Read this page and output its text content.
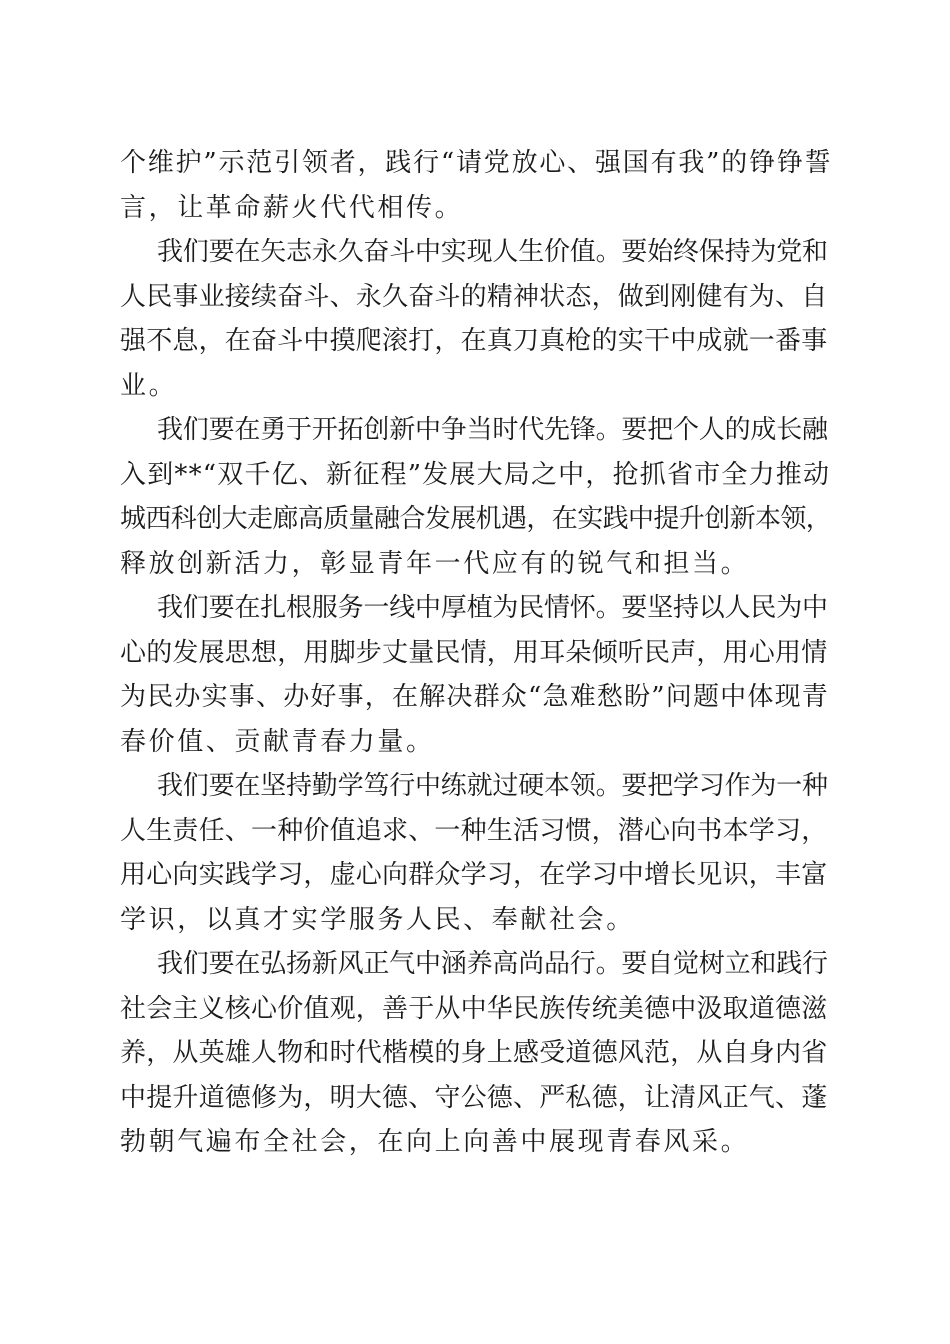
个维护”示范引领者，践行“请党放心、强国有我”的铮铮誓
言，让革命薪火代代相传。

我们要在矢志永久奋斗中实现人生价值。要始终保持为党和
人民事业接续奋斗、永久奋斗的精神状态，做到刚健有为、自
强不息，在奋斗中摸爬滚打，在真刀真枪的实干中成就一番事
业。

我们要在勇于开拓创新中争当时代先锋。要把个人的成长融
入到**“双千亿、新征程”发展大局之中，抢抓省市全力推动
城西科创大走廊高质量融合发展机遇，在实践中提升创新本领，
释放创新活力，彰显青年一代应有的锐气和担当。

我们要在扎根服务一线中厚植为民情怀。要坚持以人民为中
心的发展思想，用脚步丈量民情，用耳朵倾听民声，用心用情
为民办实事、办好事，在解决群众“急难愁盼”问题中体现青
春价值、贡献青春力量。

我们要在坚持勤学笃行中练就过硬本领。要把学习作为一种
人生责任、一种价值追求、一种生活习惯，潜心向书本学习，
用心向实践学习，虚心向群众学习，在学习中增长见识，丰富
学识，以真才实学服务人民、奉献社会。

我们要在弘扬新风正气中涵养高尚品行。要自觉树立和践行
社会主义核心价值观，善于从中华民族传统美德中汲取道德滋
养，从英雄人物和时代楷模的身上感受道德风范，从自身内省
中提升道德修为，明大德、守公德、严私德，让清风正气、蓬
勃朝气遍布全社会，在向上向善中展现青春风采。
